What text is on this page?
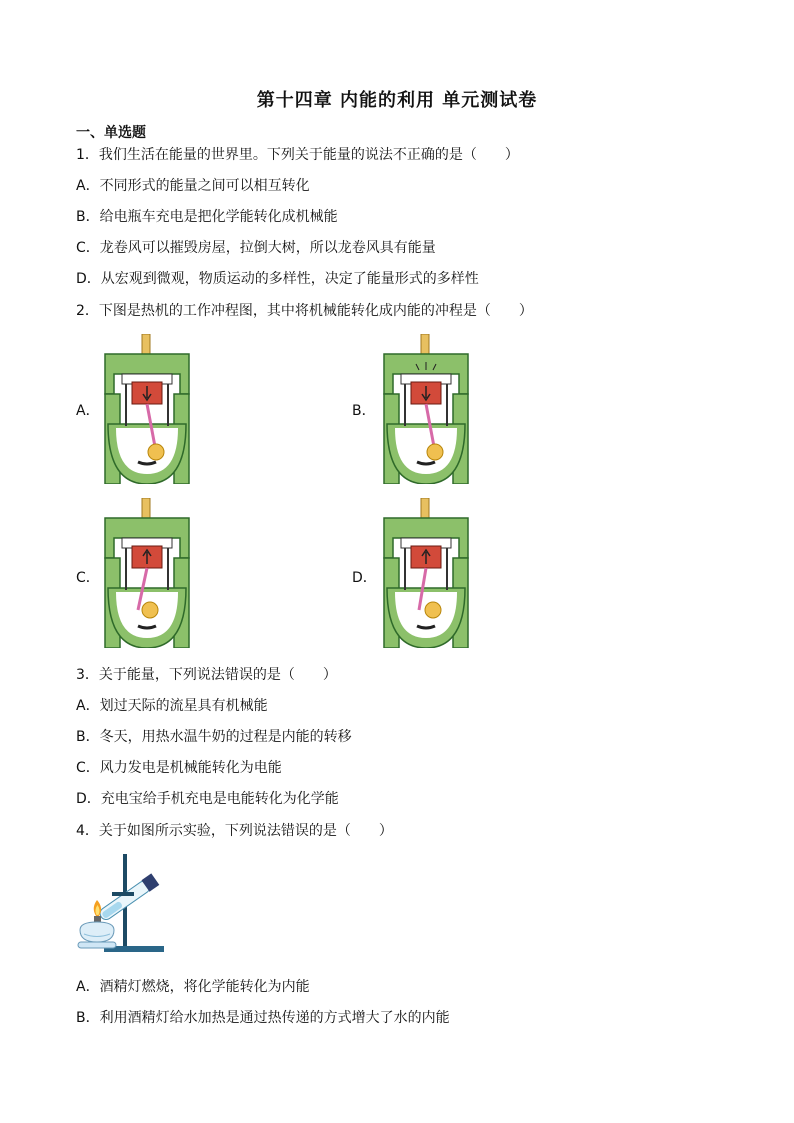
第十四章 内能的利用 单元测试卷
一、单选题
1．我们生活在能量的世界里。下列关于能量的说法不正确的是（　　）
A．不同形式的能量之间可以相互转化
B．给电瓶车充电是把化学能转化成机械能
C．龙卷风可以摧毁房屋，拉倒大树，所以龙卷风具有能量
D．从宏观到微观，物质运动的多样性，决定了能量形式的多样性
2．下图是热机的工作冲程图，其中将机械能转化成内能的冲程是（　　）
A．	B．
C．	D．
3．关于能量，下列说法错误的是（　　）
A．划过天际的流星具有机械能
B．冬天，用热水温牛奶的过程是内能的转移
C．风力发电是机械能转化为电能
D．充电宝给手机充电是电能转化为化学能
4．关于如图所示实验，下列说法错误的是（　　）
A．酒精灯燃烧，将化学能转化为内能
B．利用酒精灯给水加热是通过热传递的方式增大了水的内能
